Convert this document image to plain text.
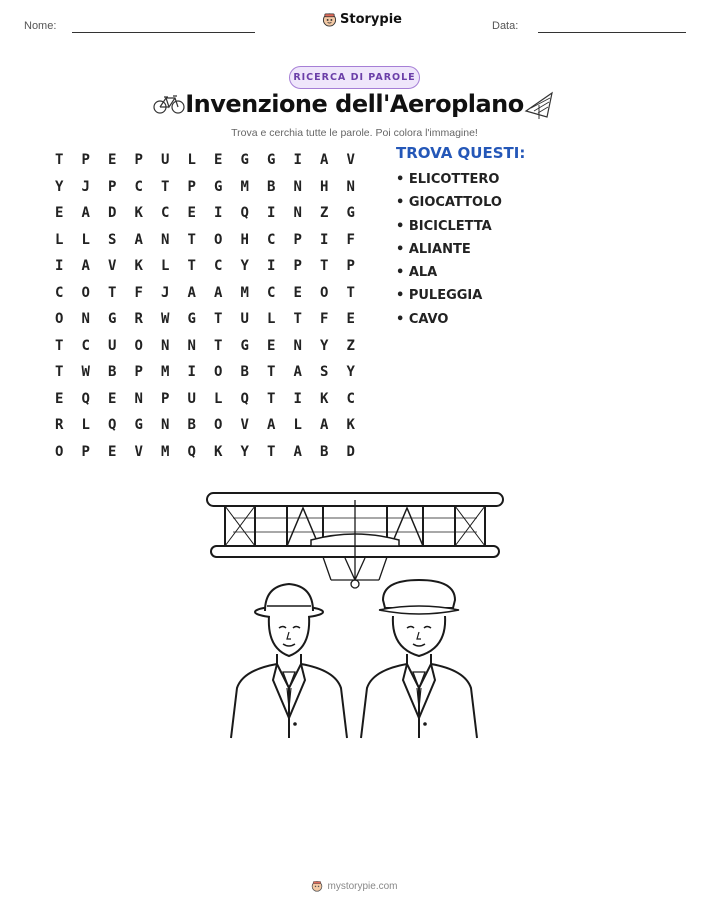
Nome:	Storypie	Data:
RICERCA DI PAROLE
Invenzione dell'Aeroplano
Trova e cerchia tutte le parole. Poi colora l'immagine!
T	P	E	P	U	L	E	G	G	I	A	V
Y	J	P	C	T	P	G	M	B	N	H	N
E	A	D	K	C	E	I	Q	I	N	Z	G
L	L	S	A	N	T	O	H	C	P	I	F
I	A	V	K	L	T	C	Y	I	P	T	P
C	O	T	F	J	A	A	M	C	E	O	T
O	N	G	R	W	G	T	U	L	T	F	E
T	C	U	O	N	N	T	G	E	N	Y	Z
T	W	B	P	M	I	O	B	T	A	S	Y
E	Q	E	N	P	U	L	Q	T	I	K	C
R	L	Q	G	N	B	O	V	A	L	A	K
O	P	E	V	M	Q	K	Y	T	A	B	D
TROVA QUESTI:
• ELICOTTERO
• GIOCATTOLO
• BICICLETTA
• ALIANTE
• ALA
• PULEGGIA
• CAVO
mystorypie.com
